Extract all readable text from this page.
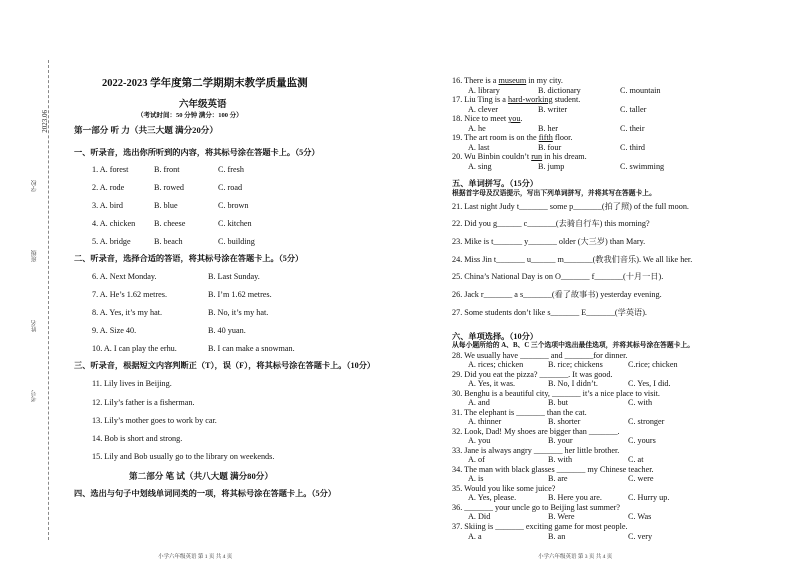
2023.06
学校
班级
姓名
考号
2022-2023 学年度第二学期期末教学质量监测
六年级英语
（考试时间：50 分钟 满分：100 分）
第一部分 听 力（共三大题 满分20分）
一、听录音，选出你所听到的内容，将其标号涂在答题卡上。（5分）
1. A. forest	B. front	C. fresh
2. A. rode	B. rowed	C. road
3. A. bird	B. blue	C. brown
4. A. chicken B. cheese	C. kitchen
5. A. bridge	B. beach	C. building
二、听录音，选择合适的答语，将其标号涂在答题卡上。（5分）
6. A. Next Monday.	B. Last Sunday.
7. A. He’s 1.62 metres.	B. I’m 1.62 metres.
8. A. Yes, it’s my hat.	B. No, it’s my hat.
9. A. Size 40.	B. 40 yuan.
10. A. I can play the erhu.	B. I can make a snowman.
三、听录音，根据短文内容判断正（T），误（F），将其标号涂在答题卡上。（10分）
11. Lily lives in Beijing.
12. Lily’s father is a fisherman.
13. Lily’s mother goes to work by car.
14. Bob is short and strong.
15. Lily and Bob usually go to the library on weekends.
第二部分 笔 试（共八大题 满分80分）
四、选出与句子中划线单词同类的一项，将其标号涂在答题卡上。（5分）
小学六年级英语 第 1 页 共 4 页
16. There is a museum in my city.
A. library	B. dictionary	C. mountain
17. Liu Ting is a hard-working student.
A. clever	B. writer	C. taller
18. Nice to meet you.
A. he	B. her	C. their
19. The art room is on the fifth floor.
A. last	B. four	C. third
20. Wu Binbin couldn’t run in his dream.
A. sing	B. jump	C. swimming
五、单词拼写。（15分）
根据首字母及汉语提示，写出下列单词拼写，并将其写在答题卡上。
21. Last night Judy t_______ some p_______(拍了照) of the full moon.
22. Did you g______ c_______(去骑自行车) this morning?
23. Mike is t_______ y_______ older (大三岁) than Mary.
24. Miss Jin t_______ u______ m_______(教我们音乐). We all like her.
25. China’s National Day is on O_______ f_______(十月一日).
26. Jack r_______ a s_______(看了故事书) yesterday evening.
27. Some students don’t like s_______ E_______(学英语).
六、单项选择。（10分）
从每小题所给的 A、B、C 三个选项中选出最佳选项，并将其标号涂在答题卡上。
28. We usually have _______ and _______for dinner.
A. rices; chicken	B. rice; chickens	C.rice; chicken
29. Did you eat the pizza? _______. It was good.
A. Yes, it was.	B. No, I didn’t.	C. Yes, I did.
30. Benghu is a beautiful city, _______ it’s a nice place to visit.
A. and	B. but	C. with
31. The elephant is _______ than the cat.
A. thinner	B. shorter	C. stronger
32. Look, Dad! My shoes are bigger than _______.
A. you	B. your	C. yours
33. Jane is always angry _______ her little brother.
A. of	B. with	C. at
34. The man with black glasses _______ my Chinese teacher.
A. is	B. are	C. were
35. Would you like some juice?
A. Yes, please.	B. Here you are.	C. Hurry up.
36. _______ your uncle go to Beijing last summer?
A. Did	B. Were	C. Was
37. Skiing is _______ exciting game for most people.
A. a	B. an	C. very
小学六年级英语 第 3 页 共 4 页
